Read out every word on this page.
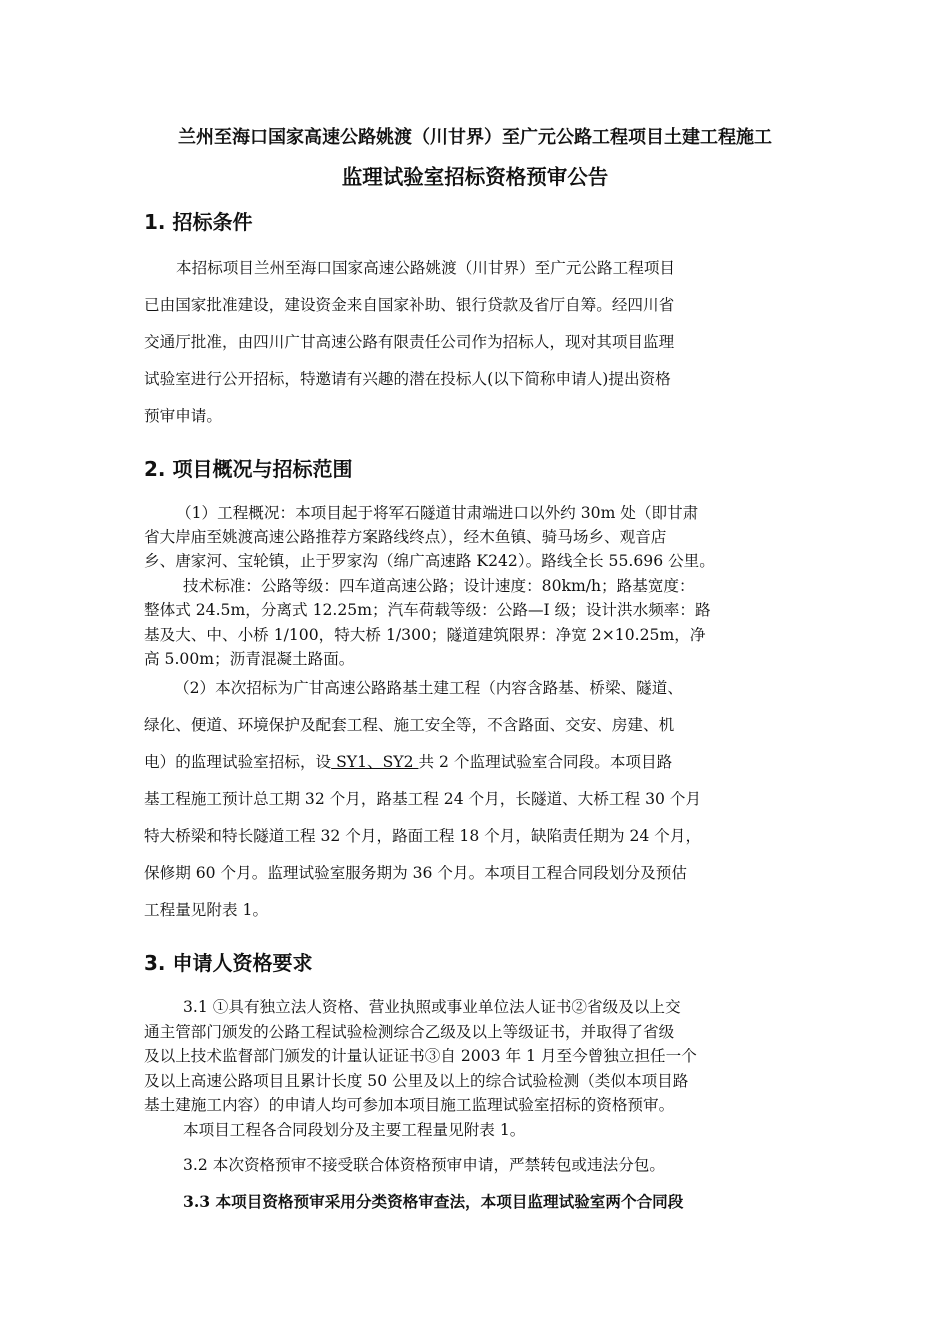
兰州至海口国家高速公路姚渡（川甘界）至广元公路工程项目土建工程施工
监理试验室招标资格预审公告
1. 招标条件
本招标项目兰州至海口国家高速公路姚渡（川甘界）至广元公路工程项目
已由国家批准建设，建设资金来自国家补助、银行贷款及省厅自筹。经四川省
交通厅批准，由四川广甘高速公路有限责任公司作为招标人，现对其项目监理
试验室进行公开招标，特邀请有兴趣的潜在投标人(以下简称申请人)提出资格
预审申请。
2. 项目概况与招标范围
（1）工程概况：本项目起于将军石隧道甘肃端进口以外约 30m 处（即甘肃
省大岸庙至姚渡高速公路推荐方案路线终点），经木鱼镇、骑马场乡、观音店
乡、唐家河、宝轮镇，止于罗家沟（绵广高速路 K242）。路线全长 55.696 公里。
技术标准：公路等级：四车道高速公路；设计速度：80km/h；路基宽度：
整体式 24.5m，分离式 12.25m；汽车荷载等级：公路—I 级；设计洪水频率：路
基及大、中、小桥 1/100，特大桥 1/300；隧道建筑限界：净宽 2×10.25m，净
高 5.00m；沥青混凝土路面。
（2）本次招标为广甘高速公路路基土建工程（内容含路基、桥梁、隧道、
绿化、便道、环境保护及配套工程、施工安全等，不含路面、交安、房建、机
电）的监理试验室招标，设 SY1、SY2 共 2 个监理试验室合同段。本项目路
基工程施工预计总工期 32 个月，路基工程 24 个月，长隧道、大桥工程 30 个月
特大桥梁和特长隧道工程 32 个月，路面工程 18 个月，缺陷责任期为 24 个月，
保修期 60 个月。监理试验室服务期为 36 个月。本项目工程合同段划分及预估
工程量见附表 1。
3. 申请人资格要求
3.1 ①具有独立法人资格、营业执照或事业单位法人证书②省级及以上交
通主管部门颁发的公路工程试验检测综合乙级及以上等级证书，并取得了省级
及以上技术监督部门颁发的计量认证证书③自 2003 年 1 月至今曾独立担任一个
及以上高速公路项目且累计长度 50 公里及以上的综合试验检测（类似本项目路
基土建施工内容）的申请人均可参加本项目施工监理试验室招标的资格预审。
本项目工程各合同段划分及主要工程量见附表 1。
3.2 本次资格预审不接受联合体资格预审申请，严禁转包或违法分包。
3.3 本项目资格预审采用分类资格审查法，本项目监理试验室两个合同段
